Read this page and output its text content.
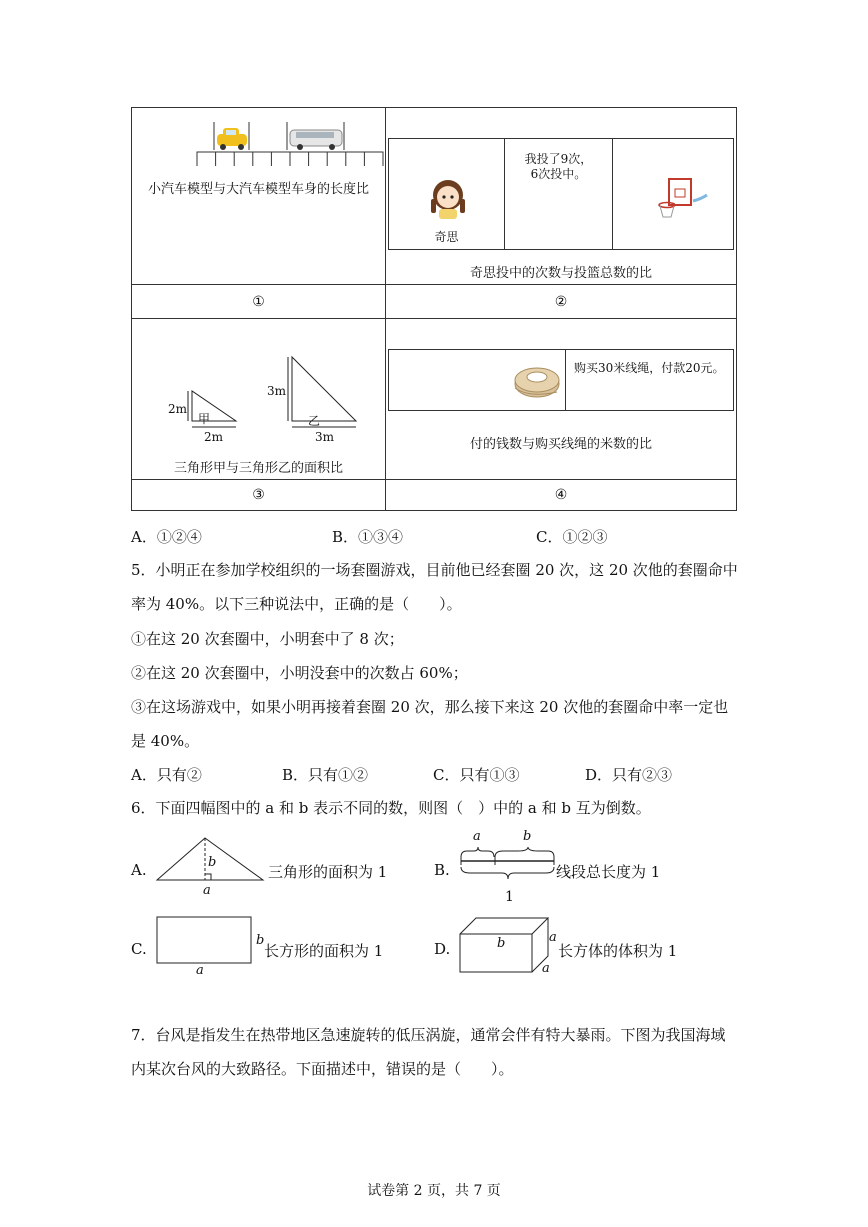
小汽车模型与大汽车模型车身的长度比

奇思

我投了9次，
6次投中。

奇思投中的次数与投篮总数的比

①	②

2m
甲
2m
3m
乙
3m
三角形甲与三角形乙的面积比

购买30米线绳，付款20元。
付的钱数与购买线绳的米数的比

③	④
A．①②④	B．①③④	C．①②③
5．小明正在参加学校组织的一场套圈游戏，目前他已经套圈 20 次，这 20 次他的套圈命中
率为 40%。以下三种说法中，正确的是（　　）。
①在这 20 次套圈中，小明套中了 8 次；
②在这 20 次套圈中，小明没套中的次数占 60%；
③在这场游戏中，如果小明再接着套圈 20 次，那么接下来这 20 次他的套圈命中率一定也
是 40%。
A．只有②	B．只有①②	C．只有①③	D．只有②③
6．下面四幅图中的 a 和 b 表示不同的数，则图（　）中的 a 和 b 互为倒数。
A.	b
a
三角形的面积为 1	B.
a	b
1
线段总长度为 1
C.	b
a
长方形的面积为 1	D.	b	a
a
长方体的体积为 1
7．台风是指发生在热带地区急速旋转的低压涡旋，通常会伴有特大暴雨。下图为我国海域
内某次台风的大致路径。下面描述中，错误的是（　　）。
试卷第 2 页，共 7 页
